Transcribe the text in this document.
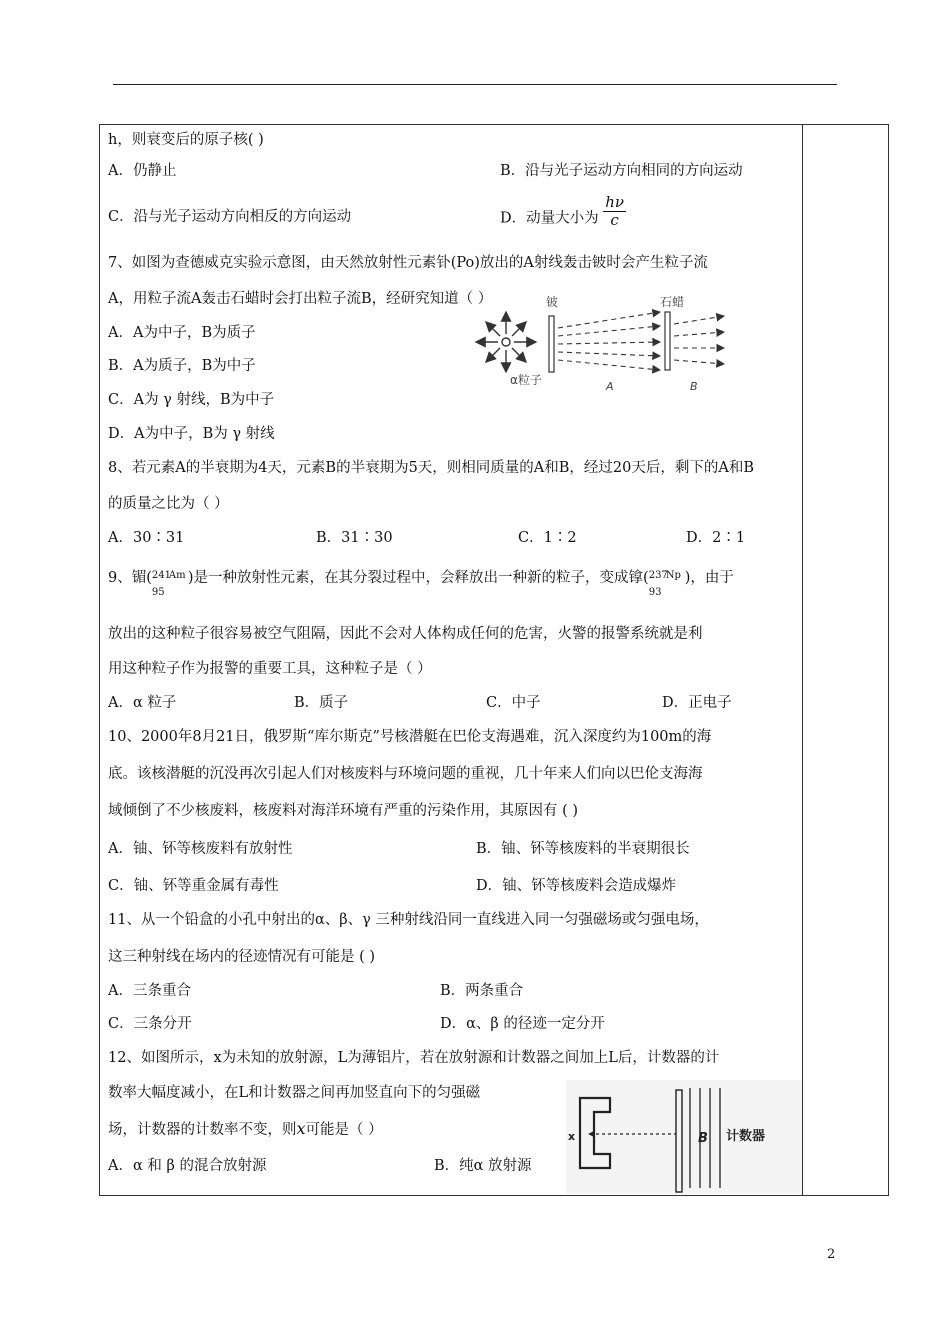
h，则衰变后的原子核( )
A．仍静止	B．沿与光子运动方向相同的方向运动
C．沿与光子运动方向相反的方向运动	D．动量大小为 $\frac{h\nu}{c}$
7、如图为查德威克实验示意图，由天然放射性元素钋(Po)放出的A射线轰击铍时会产生粒子流
A，用粒子流A轰击石蜡时会打出粒子流B，经研究知道（ ）
A．A为中子，B为质子
B．A为质子，B为中子
C．A为 γ 射线，B为中子
D．A为中子，B为 γ 射线
铍	石蜡
α粒子	A	B
8、若元素A的半衰期为4天，元素B的半衰期为5天，则相同质量的A和B，经过20天后，剩下的A和B
的质量之比为（ ）
A．30∶31	B．31∶30	C．1∶2	D．2∶1
9、镅( 241
Am
95
)是一种放射性元素，在其分裂过程中，会释放出一种新的粒子，变成镎( 237
Np
93
)，由于
放出的这种粒子很容易被空气阻隔，因此不会对人体构成任何的危害，火警的报警系统就是利
用这种粒子作为报警的重要工具，这种粒子是（ ）
A．α 粒子	B．质子	C．中子	D．正电子
10、2000年8月21日，俄罗斯“库尔斯克”号核潜艇在巴伦支海遇难，沉入深度约为100m的海
底。该核潜艇的沉没再次引起人们对核废料与环境问题的重视，几十年来人们向以巴伦支海海
域倾倒了不少核废料，核废料对海洋环境有严重的污染作用，其原因有 ( )
A．铀、钚等核废料有放射性	B．铀、钚等核废料的半衰期很长
C．铀、钚等重金属有毒性	D．铀、钚等核废料会造成爆炸
11、从一个铅盒的小孔中射出的α、β、γ 三种射线沿同一直线进入同一匀强磁场或匀强电场，
这三种射线在场内的径迹情况有可能是 ( )
A．三条重合	B．两条重合
C．三条分开	D．α、β 的径迹一定分开
12、如图所示，x为未知的放射源，L为薄铝片，若在放射源和计数器之间加上L后，计数器的计
数率大幅度减小，在L和计数器之间再加竖直向下的匀强磁
场，计数器的计数率不变，则x可能是（ ）
A．α 和 β 的混合放射源	B．纯α 放射源
x	B 计数器
2
